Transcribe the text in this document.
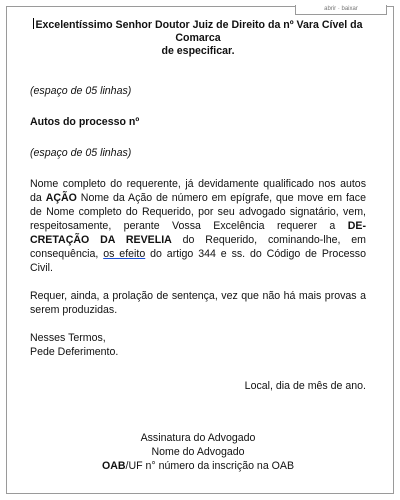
abrir · baixar
Excelentíssimo Senhor Doutor Juiz de Direito da nº Vara Cível da Comarca
de especificar.

(espaço de 05 linhas)

Autos do processo nº

(espaço de 05 linhas)

Nome completo do requerente, já devidamente qualificado nos autos da AÇÃO Nome da Ação de número em epígrafe, que move em face de Nome completo do Requerido, por seu advogado signatário, vem, respeitosamente, perante Vossa Excelência requerer a DE-CRETAÇÃO DA REVELIA do Requerido, cominando-lhe, em consequência, os efeito do artigo 344 e ss. do Código de Processo Civil.

Requer, ainda, a prolação de sentença, vez que não há mais provas a serem produzidas.

Nesses Termos,

Pede Deferimento.

Local, dia de mês de ano.

Assinatura do Advogado
Nome do Advogado
OAB/UF n° número da inscrição na OAB
